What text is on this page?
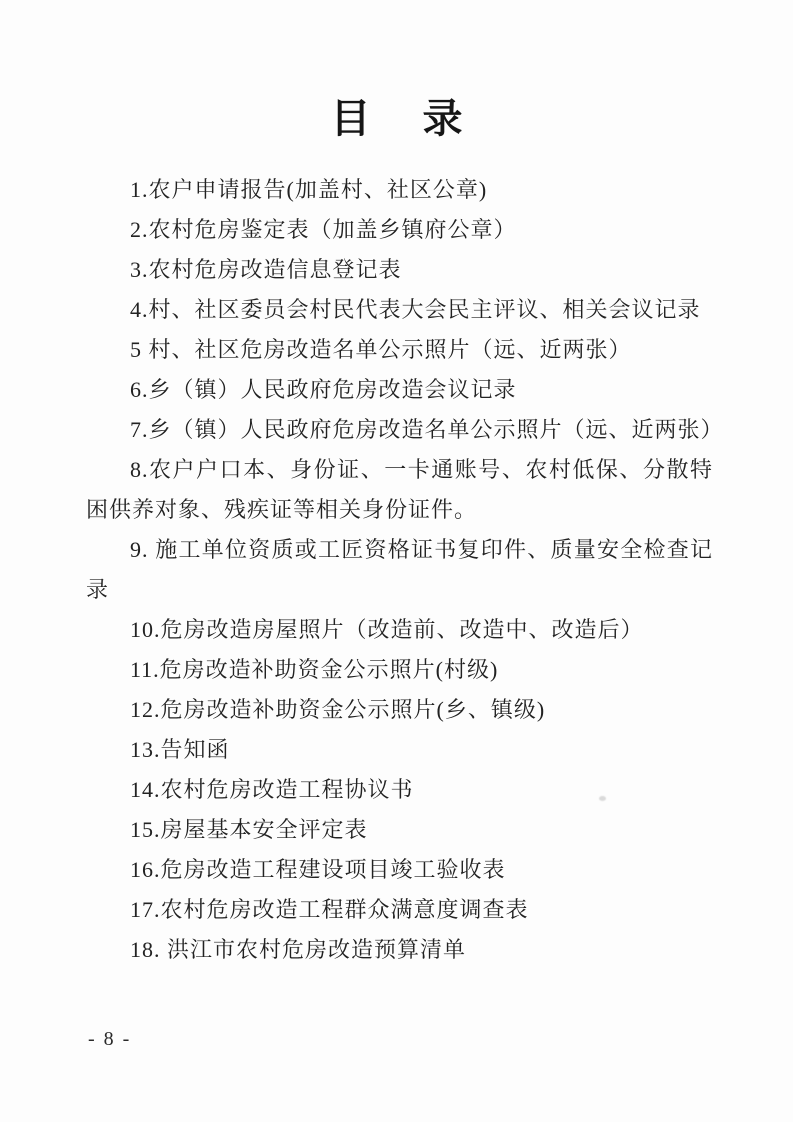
目　录

1.农户申请报告(加盖村、社区公章)

2.农村危房鉴定表（加盖乡镇府公章）

3.农村危房改造信息登记表

4.村、社区委员会村民代表大会民主评议、相关会议记录

5 村、社区危房改造名单公示照片（远、近两张）

6.乡（镇）人民政府危房改造会议记录

7.乡（镇）人民政府危房改造名单公示照片（远、近两张）

8.农户户口本、身份证、一卡通账号、农村低保、分散特困供养对象、残疾证等相关身份证件。

9. 施工单位资质或工匠资格证书复印件、质量安全检查记录

10.危房改造房屋照片（改造前、改造中、改造后）

11.危房改造补助资金公示照片(村级)

12.危房改造补助资金公示照片(乡、镇级)

13.告知函

14.农村危房改造工程协议书

15.房屋基本安全评定表

16.危房改造工程建设项目竣工验收表

17.农村危房改造工程群众满意度调查表

18. 洪江市农村危房改造预算清单

- 8 -
